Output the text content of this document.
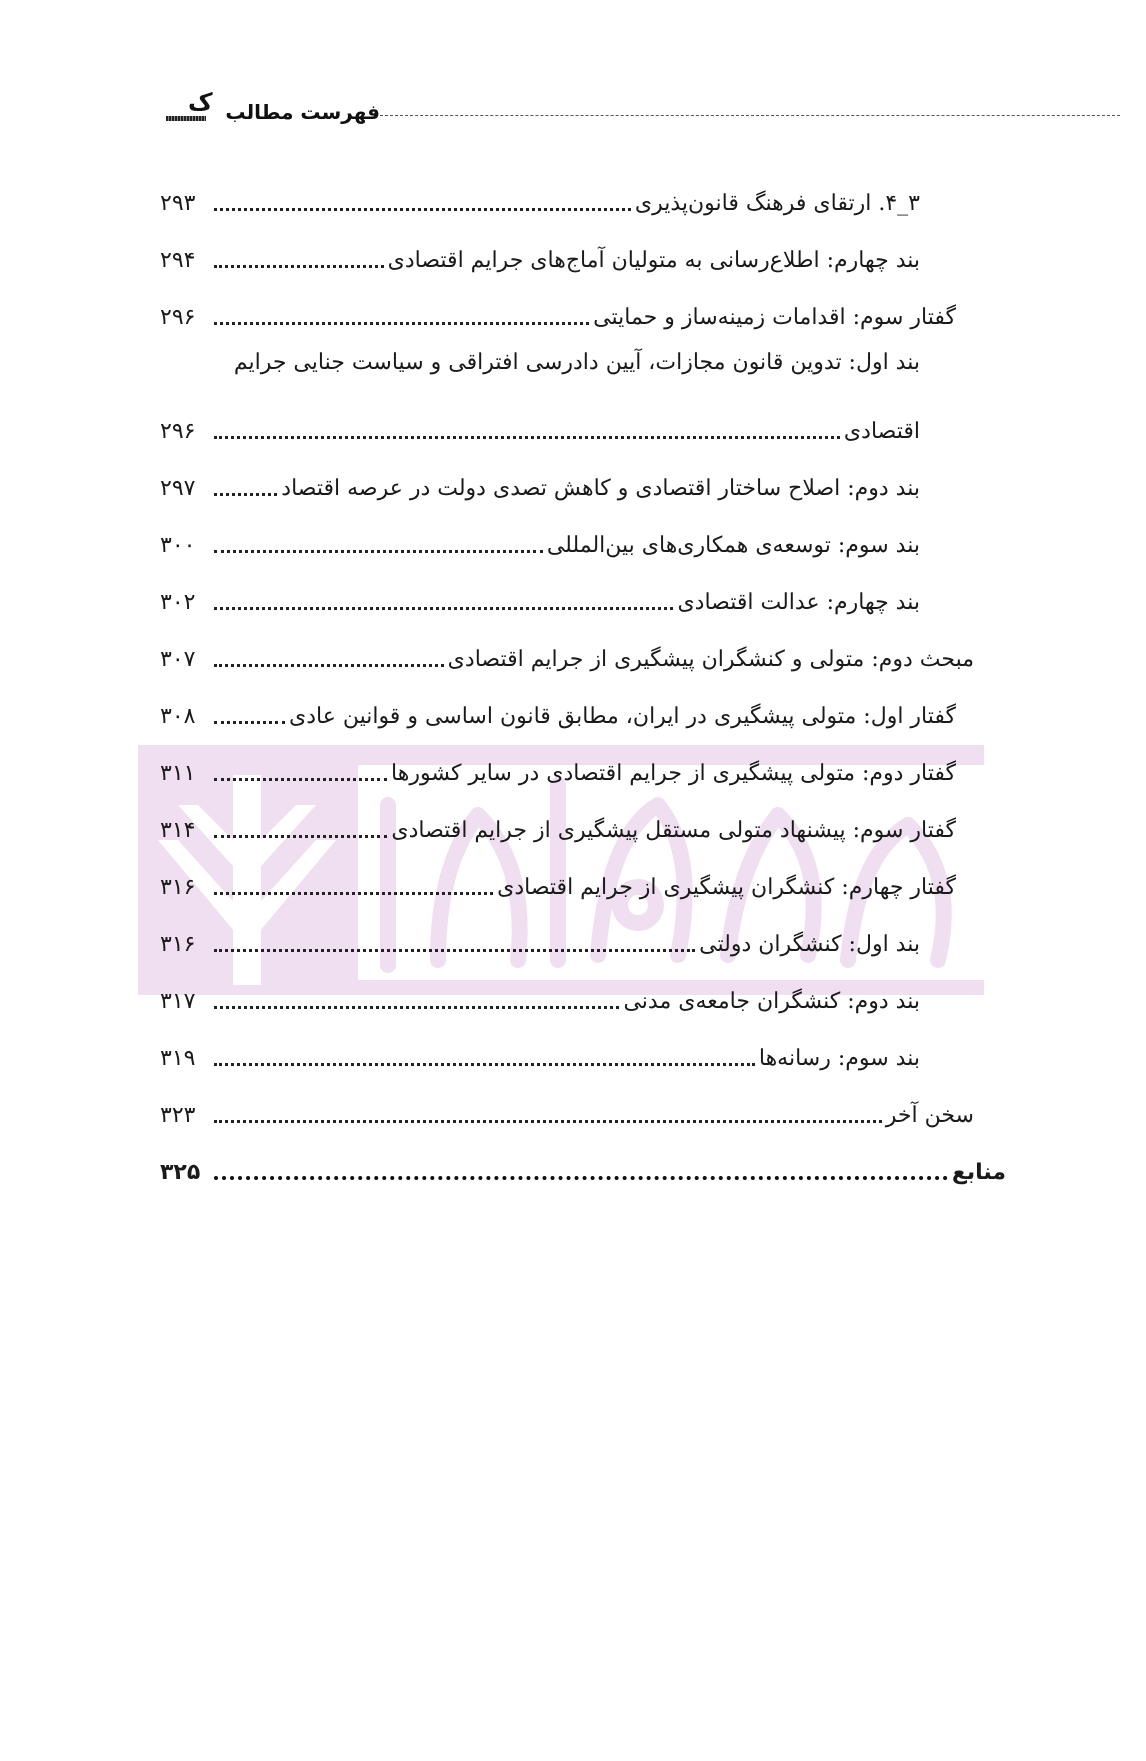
فهرست مطالب
ک
۳_۴. ارتقای فرهنگ قانون‌پذیری
۲۹۳
بند چهارم: اطلاع‌رسانی به متولیان آماج‌های جرایم اقتصادی
۲۹۴
گفتار سوم: اقدامات زمینه‌ساز و حمایتی
۲۹۶
بند اول: تدوین قانون مجازات، آیین دادرسی افتراقی و سیاست جنایی جرایم
اقتصادی
۲۹۶
بند دوم: اصلاح ساختار اقتصادی و کاهش تصدی دولت در عرصه اقتصاد
۲۹۷
بند سوم: توسعه‌ی همکاری‌های بین‌المللی
۳۰۰
بند چهارم: عدالت اقتصادی
۳۰۲
مبحث دوم: متولی و کنشگران پیشگیری از جرایم اقتصادی
۳۰۷
گفتار اول: متولی پیشگیری در ایران، مطابق قانون اساسی و قوانین عادی
۳۰۸
گفتار دوم: متولی پیشگیری از جرایم اقتصادی در سایر کشورها
۳۱۱
گفتار سوم: پیشنهاد متولی مستقل پیشگیری از جرایم اقتصادی
۳۱۴
گفتار چهارم: کنشگران پیشگیری از جرایم اقتصادی
۳۱۶
بند اول: کنشگران دولتی
۳۱۶
بند دوم: کنشگران جامعه‌ی مدنی
۳۱۷
بند سوم: رسانه‌ها
۳۱۹
سخن آخر
۳۲۳
منابع
۳۲۵
